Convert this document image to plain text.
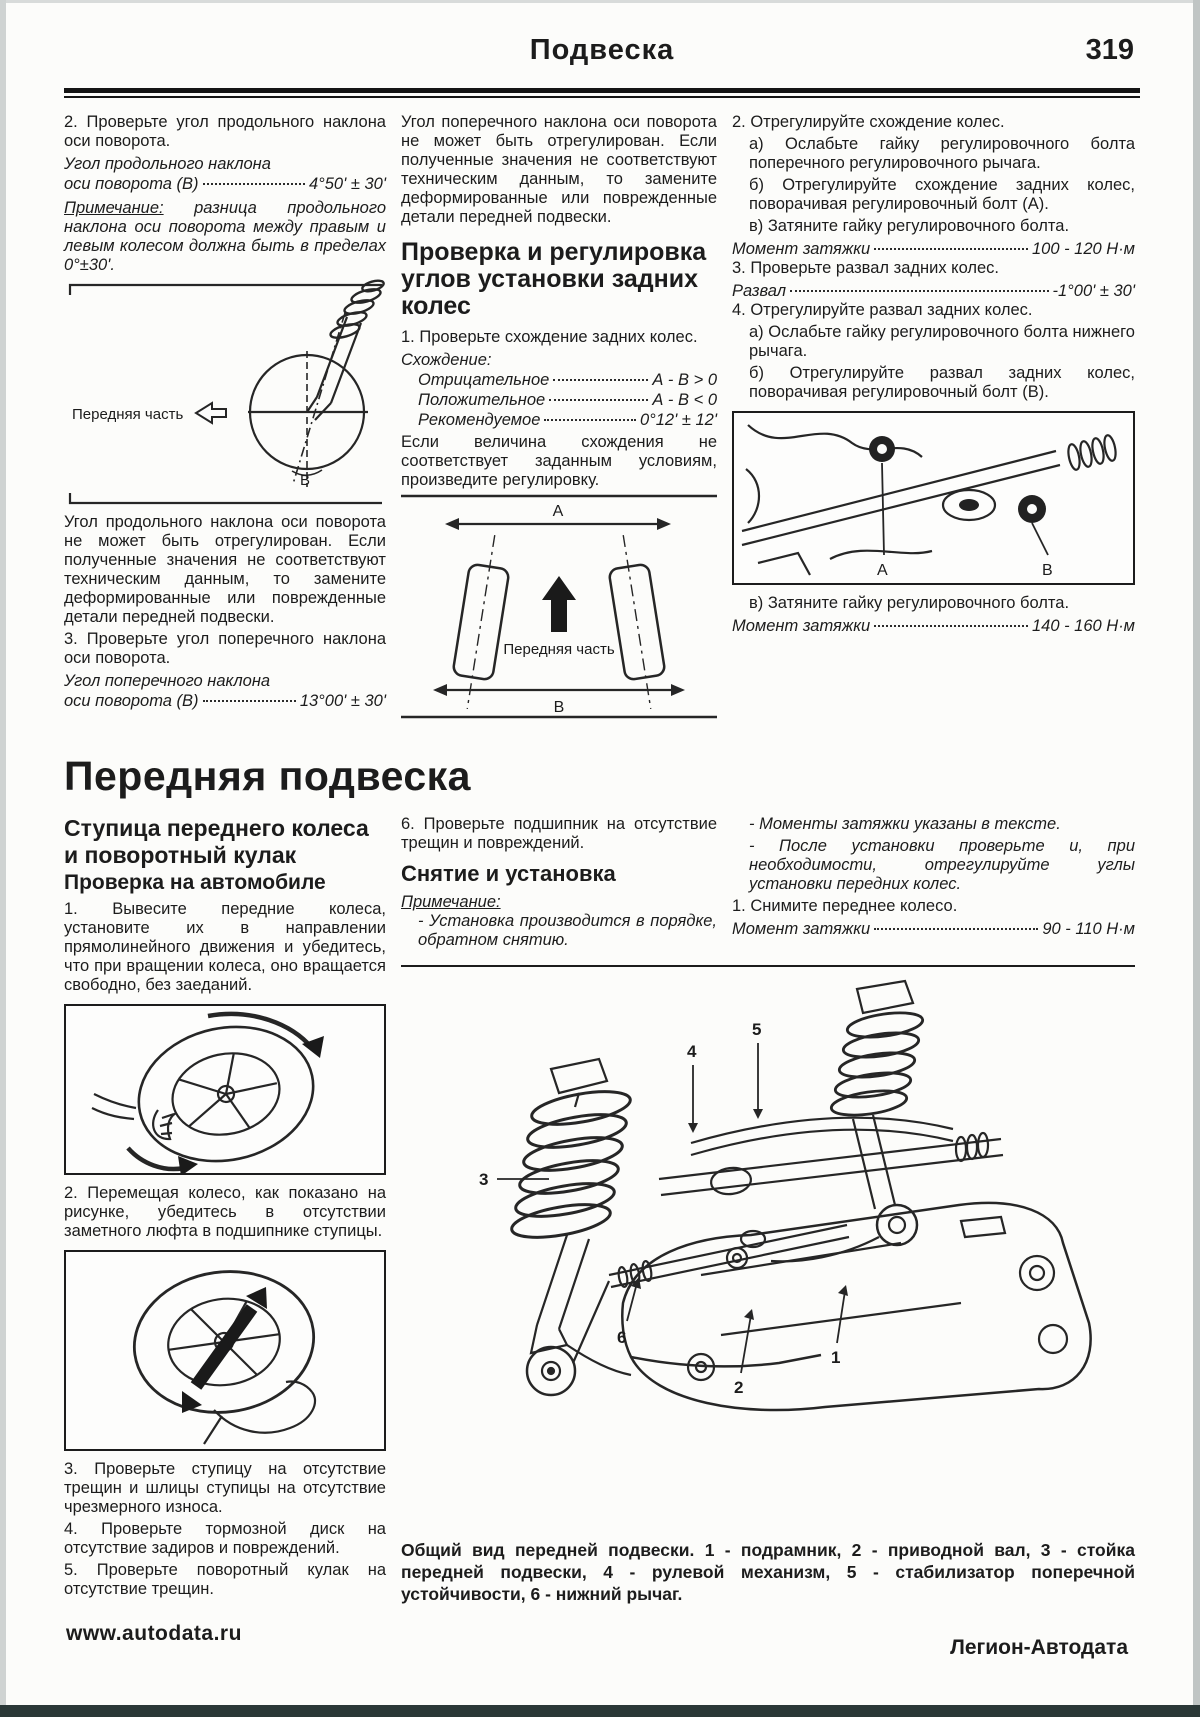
Подвеска	319

2. Проверьте угол продольного наклона оси поворота.

Угол продольного наклона
оси поворота (В)	4°50' ± 30'

Примечание: разница продольного наклона оси поворота между правым и левым колесом должна быть в пределах 0°±30'.

В
Передняя часть

Угол продольного наклона оси поворота не может быть отрегулирован. Если полученные значения не соответствуют техническим данным, то замените деформированные или поврежденные детали передней подвески.

3. Проверьте угол поперечного наклона оси поворота.

Угол поперечного наклона
оси поворота (В)	13°00' ± 30'

Угол поперечного наклона оси поворота не может быть отрегулирован. Если полученные значения не соответствуют техническим данным, то замените деформированные или поврежденные детали передней подвески.

Проверка и регулировка углов установки задних колес

1. Проверьте схождение задних колес.

Схождение:
Отрицательное	А - В > 0
Положительное	А - В < 0
Рекомендуемое	0°12' ± 12'

Если величина схождения не соответствует заданным условиям, произведите регулировку.

А
Передняя часть
В

2. Отрегулируйте схождение колес.

а) Ослабьте гайку регулировочного болта поперечного регулировочного рычага.

б) Отрегулируйте схождение задних колес, поворачивая регулировочный болт (А).

в) Затяните гайку регулировочного болта.

Момент затяжки	100 - 120 Н·м

3. Проверьте развал задних колес.

Развал	-1°00' ± 30'

4. Отрегулируйте развал задних колес.

а) Ослабьте гайку регулировочного болта нижнего рычага.

б) Отрегулируйте развал задних колес, поворачивая регулировочный болт (В).

А	В

в) Затяните гайку регулировочного болта.

Момент затяжки	140 - 160 Н·м
Передняя подвеска
Ступица переднего колеса и поворотный кулак
Проверка на автомобиле

1. Вывесите передние колеса, установите их в направлении прямолинейного движения и убедитесь, что при вращении колеса, оно вращается свободно, без заеданий.

2. Перемещая колесо, как показано на рисунке, убедитесь в отсутствии заметного люфта в подшипнике ступицы.

3. Проверьте ступицу на отсутствие трещин и шлицы ступицы на отсутствие чрезмерного износа.

4. Проверьте тормозной диск на отсутствие задиров и повреждений.

5. Проверьте поворотный кулак на отсутствие трещин.

6. Проверьте подшипник на отсутствие трещин и повреждений.

Снятие и установка
Примечание:

- Установка производится в порядке, обратном снятию.

- Моменты затяжки указаны в тексте.

- После установки проверьте и, при необходимости, отрегулируйте углы установки передних колес.

1. Снимите переднее колесо.

Момент затяжки	90 - 110 Н·м
3
4
5
6
2
1

Общий вид передней подвески. 1 - подрамник, 2 - приводной вал, 3 - стойка передней подвески, 4 - рулевой механизм, 5 - стабилизатор поперечной устойчивости, 6 - нижний рычаг.

www.autodata.ru
Легион-Автодата
